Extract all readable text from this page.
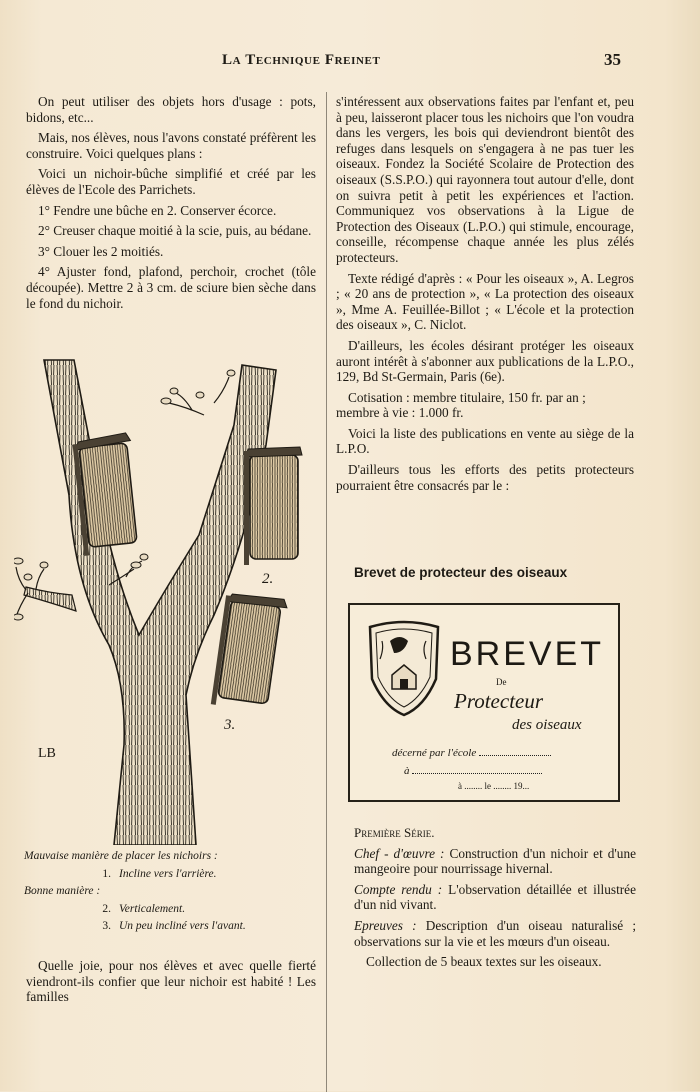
La Technique Freinet	35

On peut utiliser des objets hors d'usage : pots, bidons, etc...

Mais, nos élèves, nous l'avons constaté préfèrent les construire. Voici quelques plans :

Voici un nichoir-bûche simplifié et créé par les élèves de l'Ecole des Parrichets.

1° Fendre une bûche en 2. Conserver écorce.

2° Creuser chaque moitié à la scie, puis, au bédane.

3° Clouer les 2 moitiés.

4° Ajuster fond, plafond, perchoir, crochet (tôle découpée). Mettre 2 à 3 cm. de sciure bien sèche dans le fond du nichoir.

2.
3.
LB
Mauvaise manière de placer les nichoirs :
1. Incline vers l'arrière.
Bonne manière :
2. Verticalement.
3. Un peu incliné vers l'avant.

Quelle joie, pour nos élèves et avec quelle fierté viendront-ils confier que leur nichoir est habité ! Les familles

s'intéressent aux observations faites par l'enfant et, peu à peu, laisseront placer tous les nichoirs que l'on voudra dans les vergers, les bois qui deviendront bientôt des refuges dans lesquels on s'engagera à ne pas tuer les oiseaux. Fondez la Société Scolaire de Protection des oiseaux (S.S.P.O.) qui rayonnera tout autour d'elle, dont on suivra petit à petit les expériences et l'action. Communiquez vos observations à la Ligue de Protection des Oiseaux (L.P.O.) qui stimule, encourage, conseille, récompense chaque année les plus zélés protecteurs.

Texte rédigé d'après : « Pour les oiseaux », A. Legros ; « 20 ans de protection », « La protection des oiseaux », Mme A. Feuillée-Billot ; « L'école et la protection des oiseaux », C. Niclot.

D'ailleurs, les écoles désirant protéger les oiseaux auront intérêt à s'abonner aux publications de la L.P.O., 129, Bd St-Germain, Paris (6e).

Cotisation : membre titulaire, 150 fr. par an ;

membre à vie : 1.000 fr.

Voici la liste des publications en vente au siège de la L.P.O.

D'ailleurs tous les efforts des petits protecteurs pourraient être consacrés par le :

Brevet de protecteur des oiseaux
BREVET
De
Protecteur
des oiseaux
décerné par l'école
à
à ........ le ........ 19...

Première Série.

Chef - d'œuvre : Construction d'un nichoir et d'une mangeoire pour nourrissage hivernal.

Compte rendu : L'observation détaillée et illustrée d'un nid vivant.

Epreuves : Description d'un oiseau naturalisé ; observations sur la vie et les mœurs d'un oiseau.

Collection de 5 beaux textes sur les oiseaux.
